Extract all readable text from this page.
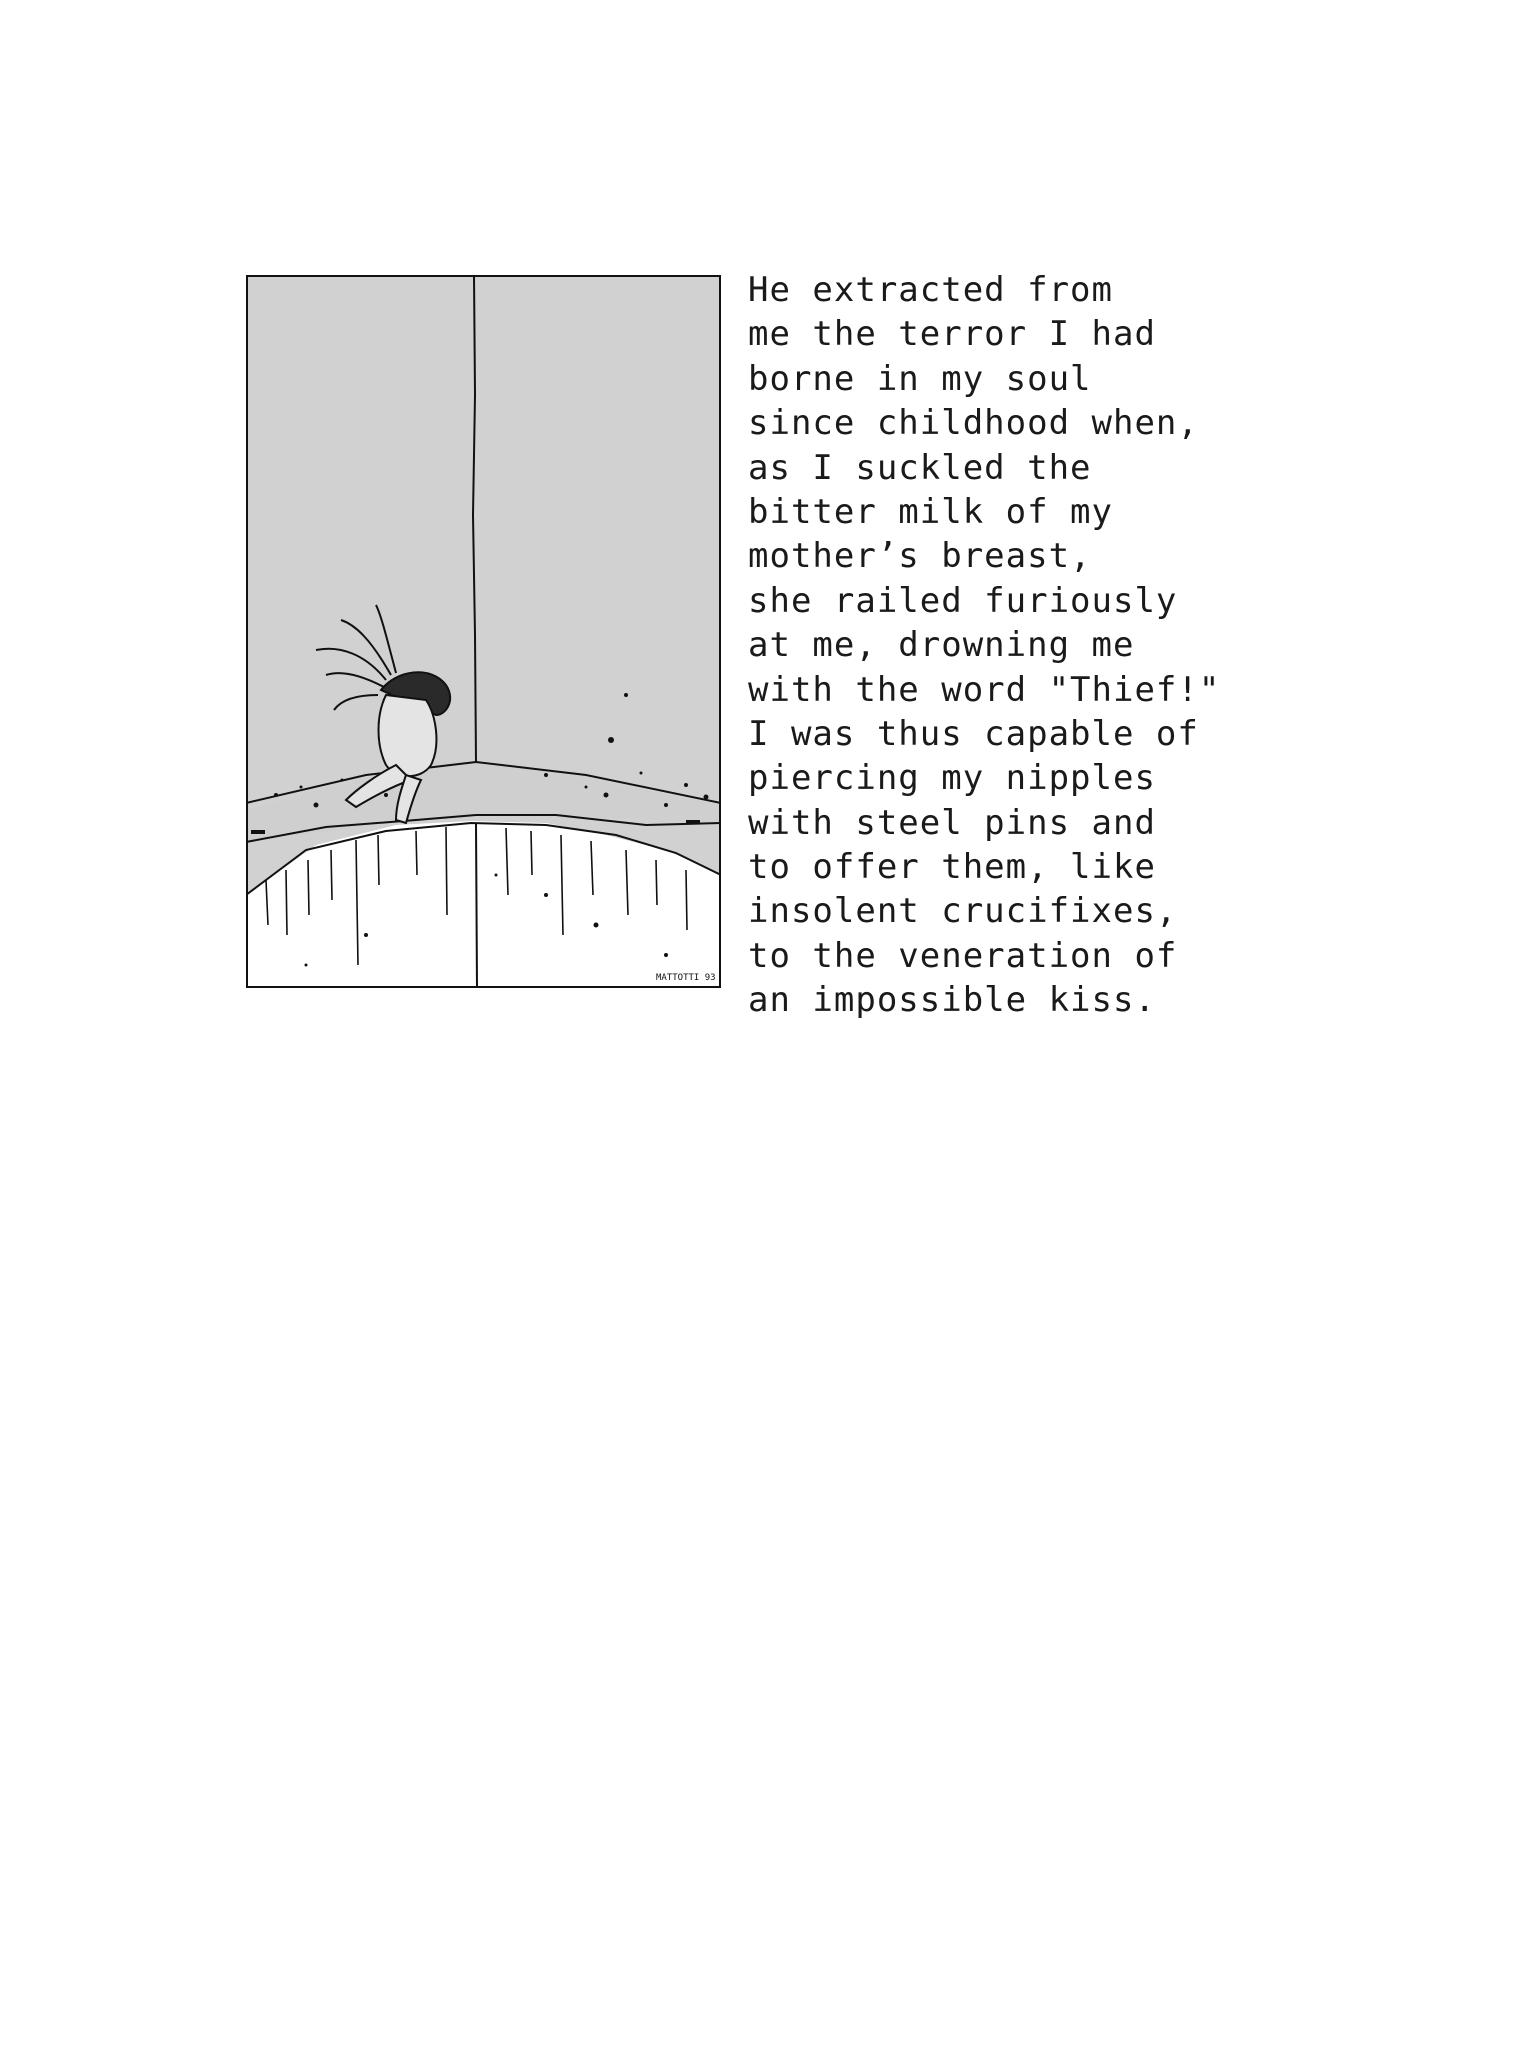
MATTOTTI 93

He extracted from
me the terror I had
borne in my soul
since childhood when,
as I suckled the
bitter milk of my
mother’s breast,
she railed furiously
at me, drowning me
with the word "Thief!"
I was thus capable of
piercing my nipples
with steel pins and
to offer them, like
insolent crucifixes,
to the veneration of
an impossible kiss.
